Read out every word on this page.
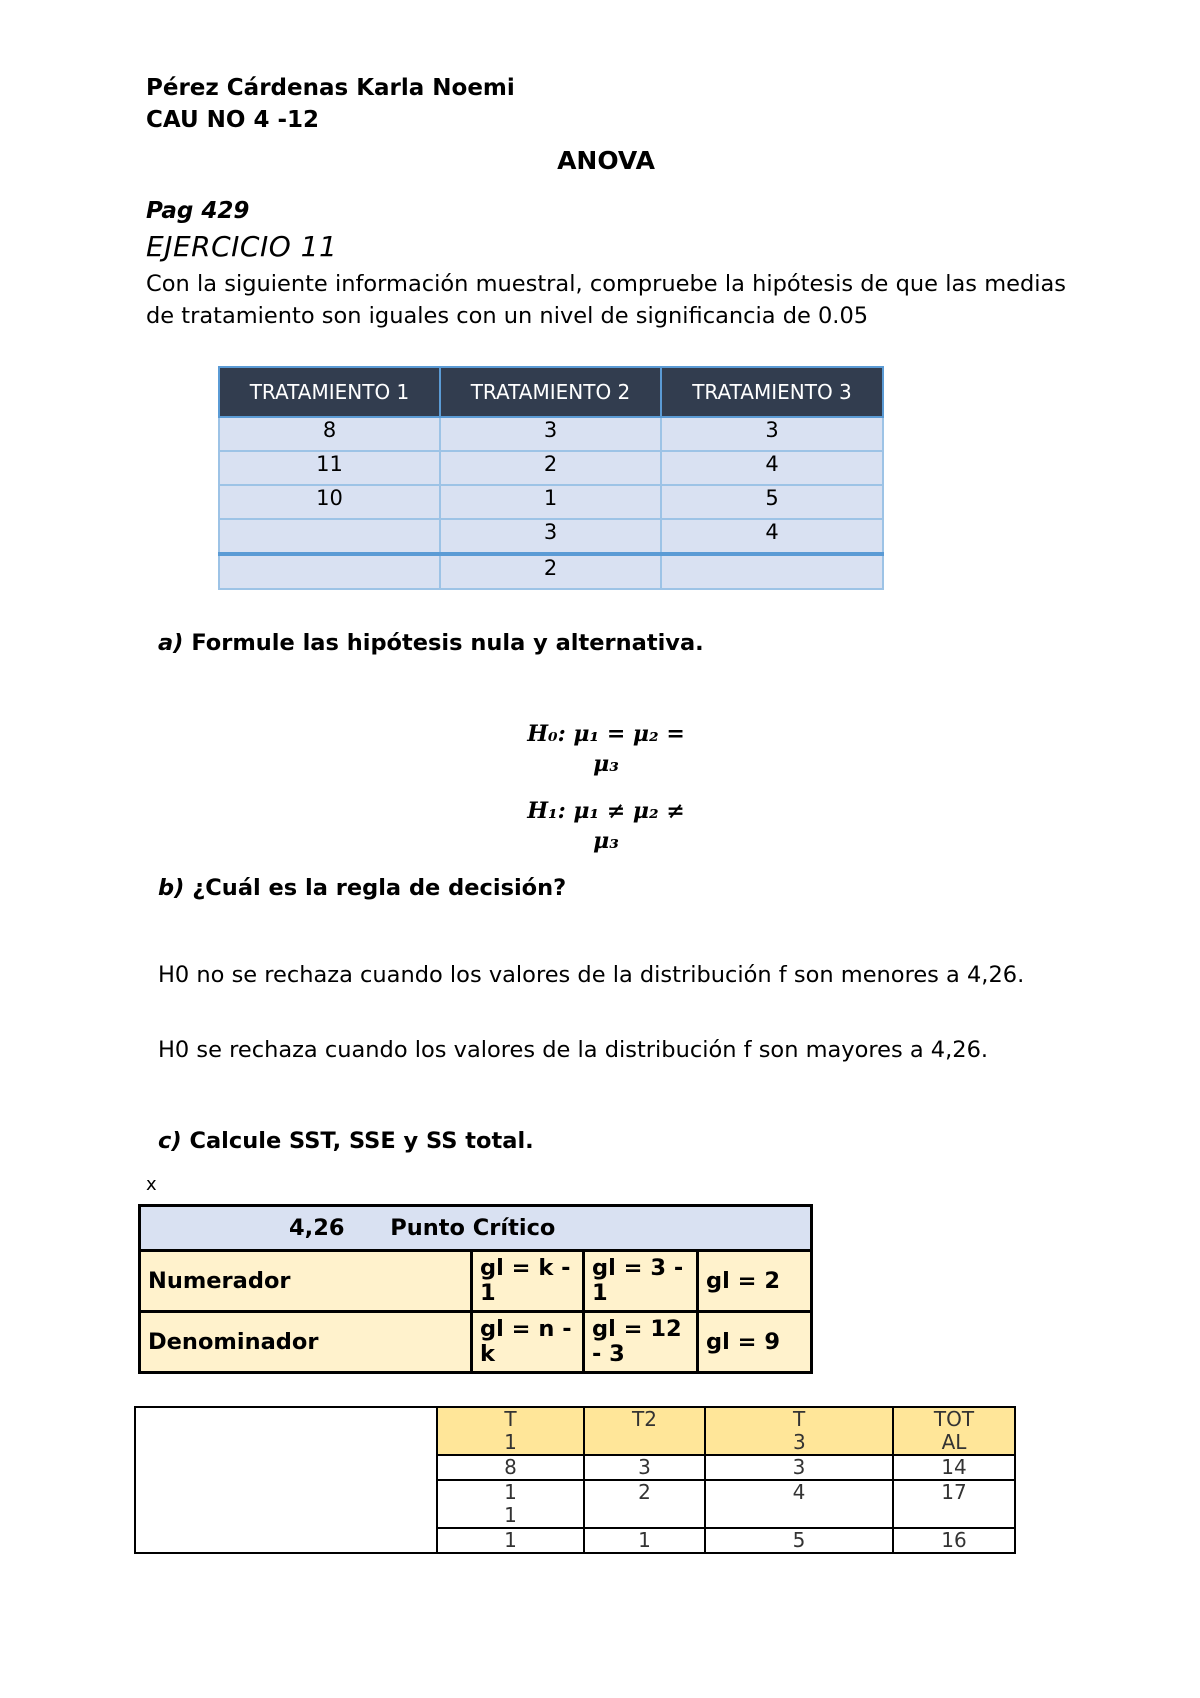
Pérez Cárdenas Karla Noemi
CAU NO 4 -12
ANOVA
Pag 429
EJERCICIO 11
Con la siguiente información muestral, compruebe la hipótesis de que las medias de tratamiento son iguales con un nivel de significancia de 0.05
TRATAMIENTO 1	TRATAMIENTO 2	TRATAMIENTO 3
8	3	3
11	2	4
10	1	5
	3	4
	2	
a) Formule las hipótesis nula y alternativa.
H₀: μ₁ = μ₂ =
μ₃
H₁: μ₁ ≠ μ₂ ≠
μ₃
b) ¿Cuál es la regla de decisión?
H0 no se rechaza cuando los valores de la distribución f son menores a 4,26.
H0 se rechaza cuando los valores de la distribución f son mayores a 4,26.
c) Calcule SST, SSE y SS total.
x
4,26 Punto Crítico			
Numerador	gl = k - 1	gl = 3 - 1	gl = 2
Denominador	gl = n - k	gl = 12 - 3	gl = 9
	T1	T2	T3	TOTAL
	8	3	3	14
	11	2	4	17
	1	1	5	16
